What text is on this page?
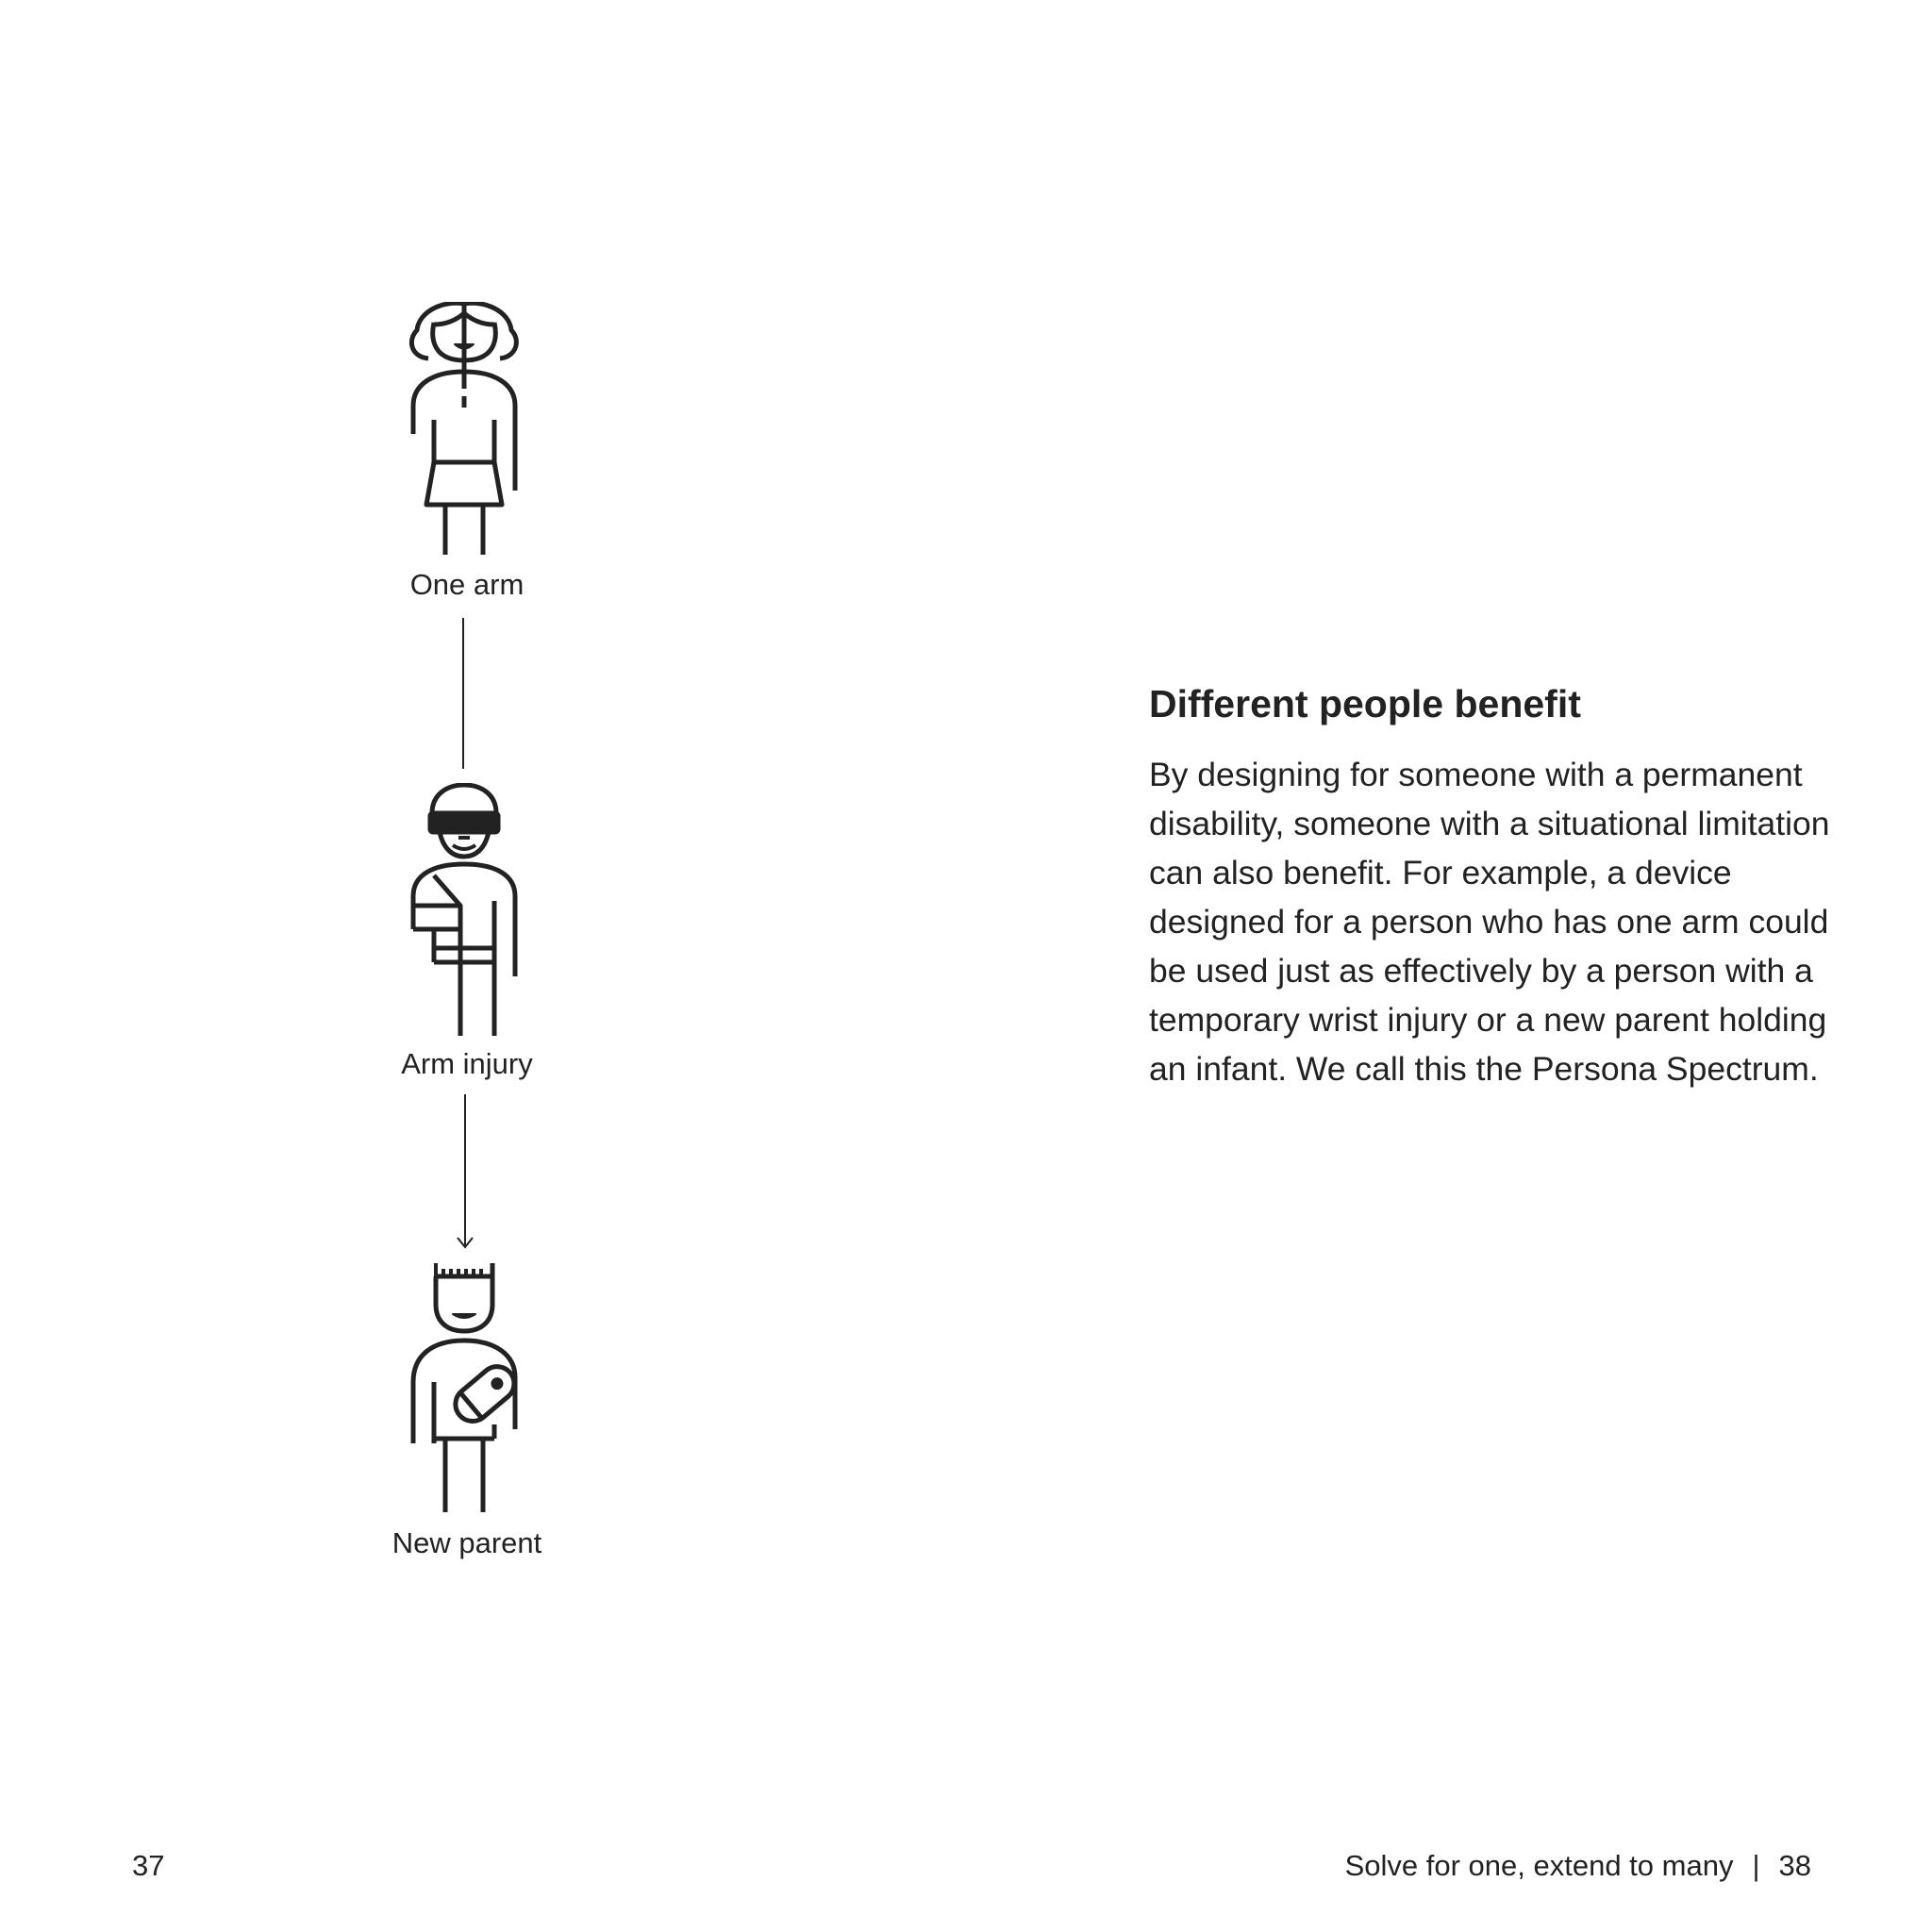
One arm
Arm injury
New parent
Different people benefit

By designing for someone with a permanent disability, someone with a situational limitation can also benefit. For example, a device designed for a person who has one arm could be used just as effectively by a person with a temporary wrist injury or a new parent holding an infant. We call this the Persona Spectrum.

37	Solve for one, extend to many | 38
